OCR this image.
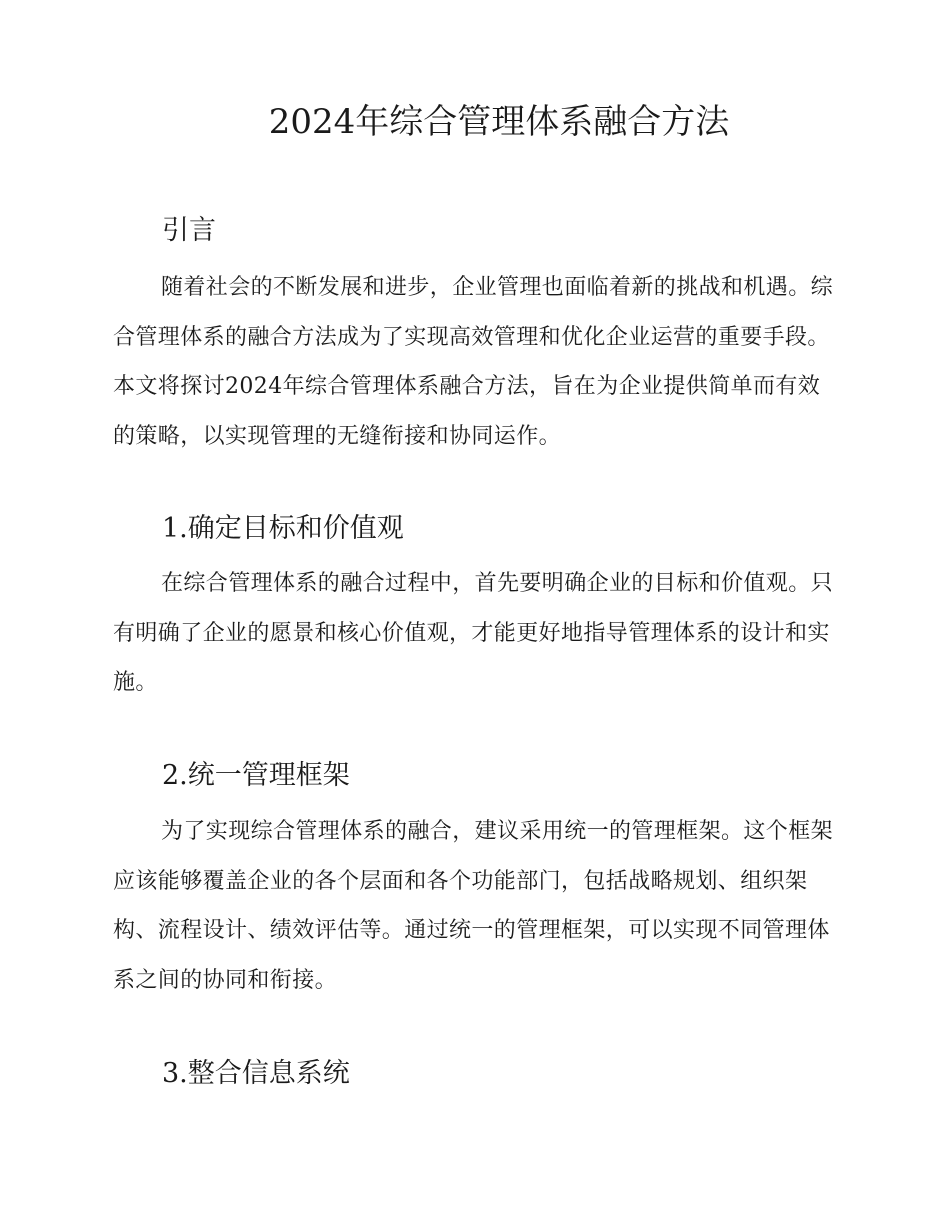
2024年综合管理体系融合方法
引言

随着社会的不断发展和进步，企业管理也面临着新的挑战和机遇。综合管理体系的融合方法成为了实现高效管理和优化企业运营的重要手段。本文将探讨2024年综合管理体系融合方法，旨在为企业提供简单而有效的策略，以实现管理的无缝衔接和协同运作。

1.确定目标和价值观

在综合管理体系的融合过程中，首先要明确企业的目标和价值观。只有明确了企业的愿景和核心价值观，才能更好地指导管理体系的设计和实施。

2.统一管理框架

为了实现综合管理体系的融合，建议采用统一的管理框架。这个框架应该能够覆盖企业的各个层面和各个功能部门，包括战略规划、组织架构、流程设计、绩效评估等。通过统一的管理框架，可以实现不同管理体系之间的协同和衔接。

3.整合信息系统
